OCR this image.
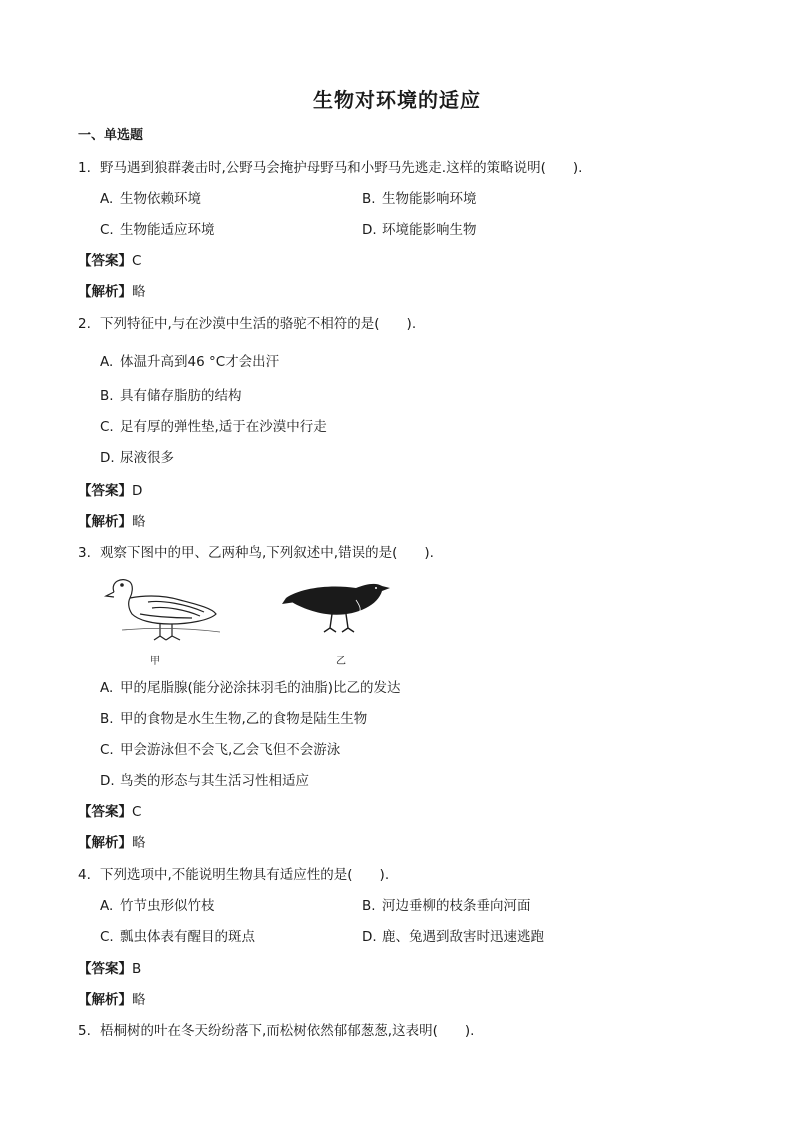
生物对环境的适应
一、单选题
1. 野马遇到狼群袭击时,公野马会掩护母野马和小野马先逃走.这样的策略说明(　　).
A. 生物依赖环境	B. 生物能影响环境
C. 生物能适应环境	D. 环境能影响生物
【答案】C
【解析】略
2. 下列特征中,与在沙漠中生活的骆驼不相符的是(　　).
A. 体温升高到46 °C才会出汗
B. 具有储存脂肪的结构
C. 足有厚的弹性垫,适于在沙漠中行走
D. 尿液很多
【答案】D
【解析】略
3. 观察下图中的甲、乙两种鸟,下列叙述中,错误的是(　　).
甲	乙
A. 甲的尾脂腺(能分泌涂抹羽毛的油脂)比乙的发达
B. 甲的食物是水生生物,乙的食物是陆生生物
C. 甲会游泳但不会飞,乙会飞但不会游泳
D. 鸟类的形态与其生活习性相适应
【答案】C
【解析】略
4. 下列选项中,不能说明生物具有适应性的是(　　).
A. 竹节虫形似竹枝	B. 河边垂柳的枝条垂向河面
C. 瓢虫体表有醒目的斑点	D. 鹿、兔遇到敌害时迅速逃跑
【答案】B
【解析】略
5. 梧桐树的叶在冬天纷纷落下,而松树依然郁郁葱葱,这表明(　　).
